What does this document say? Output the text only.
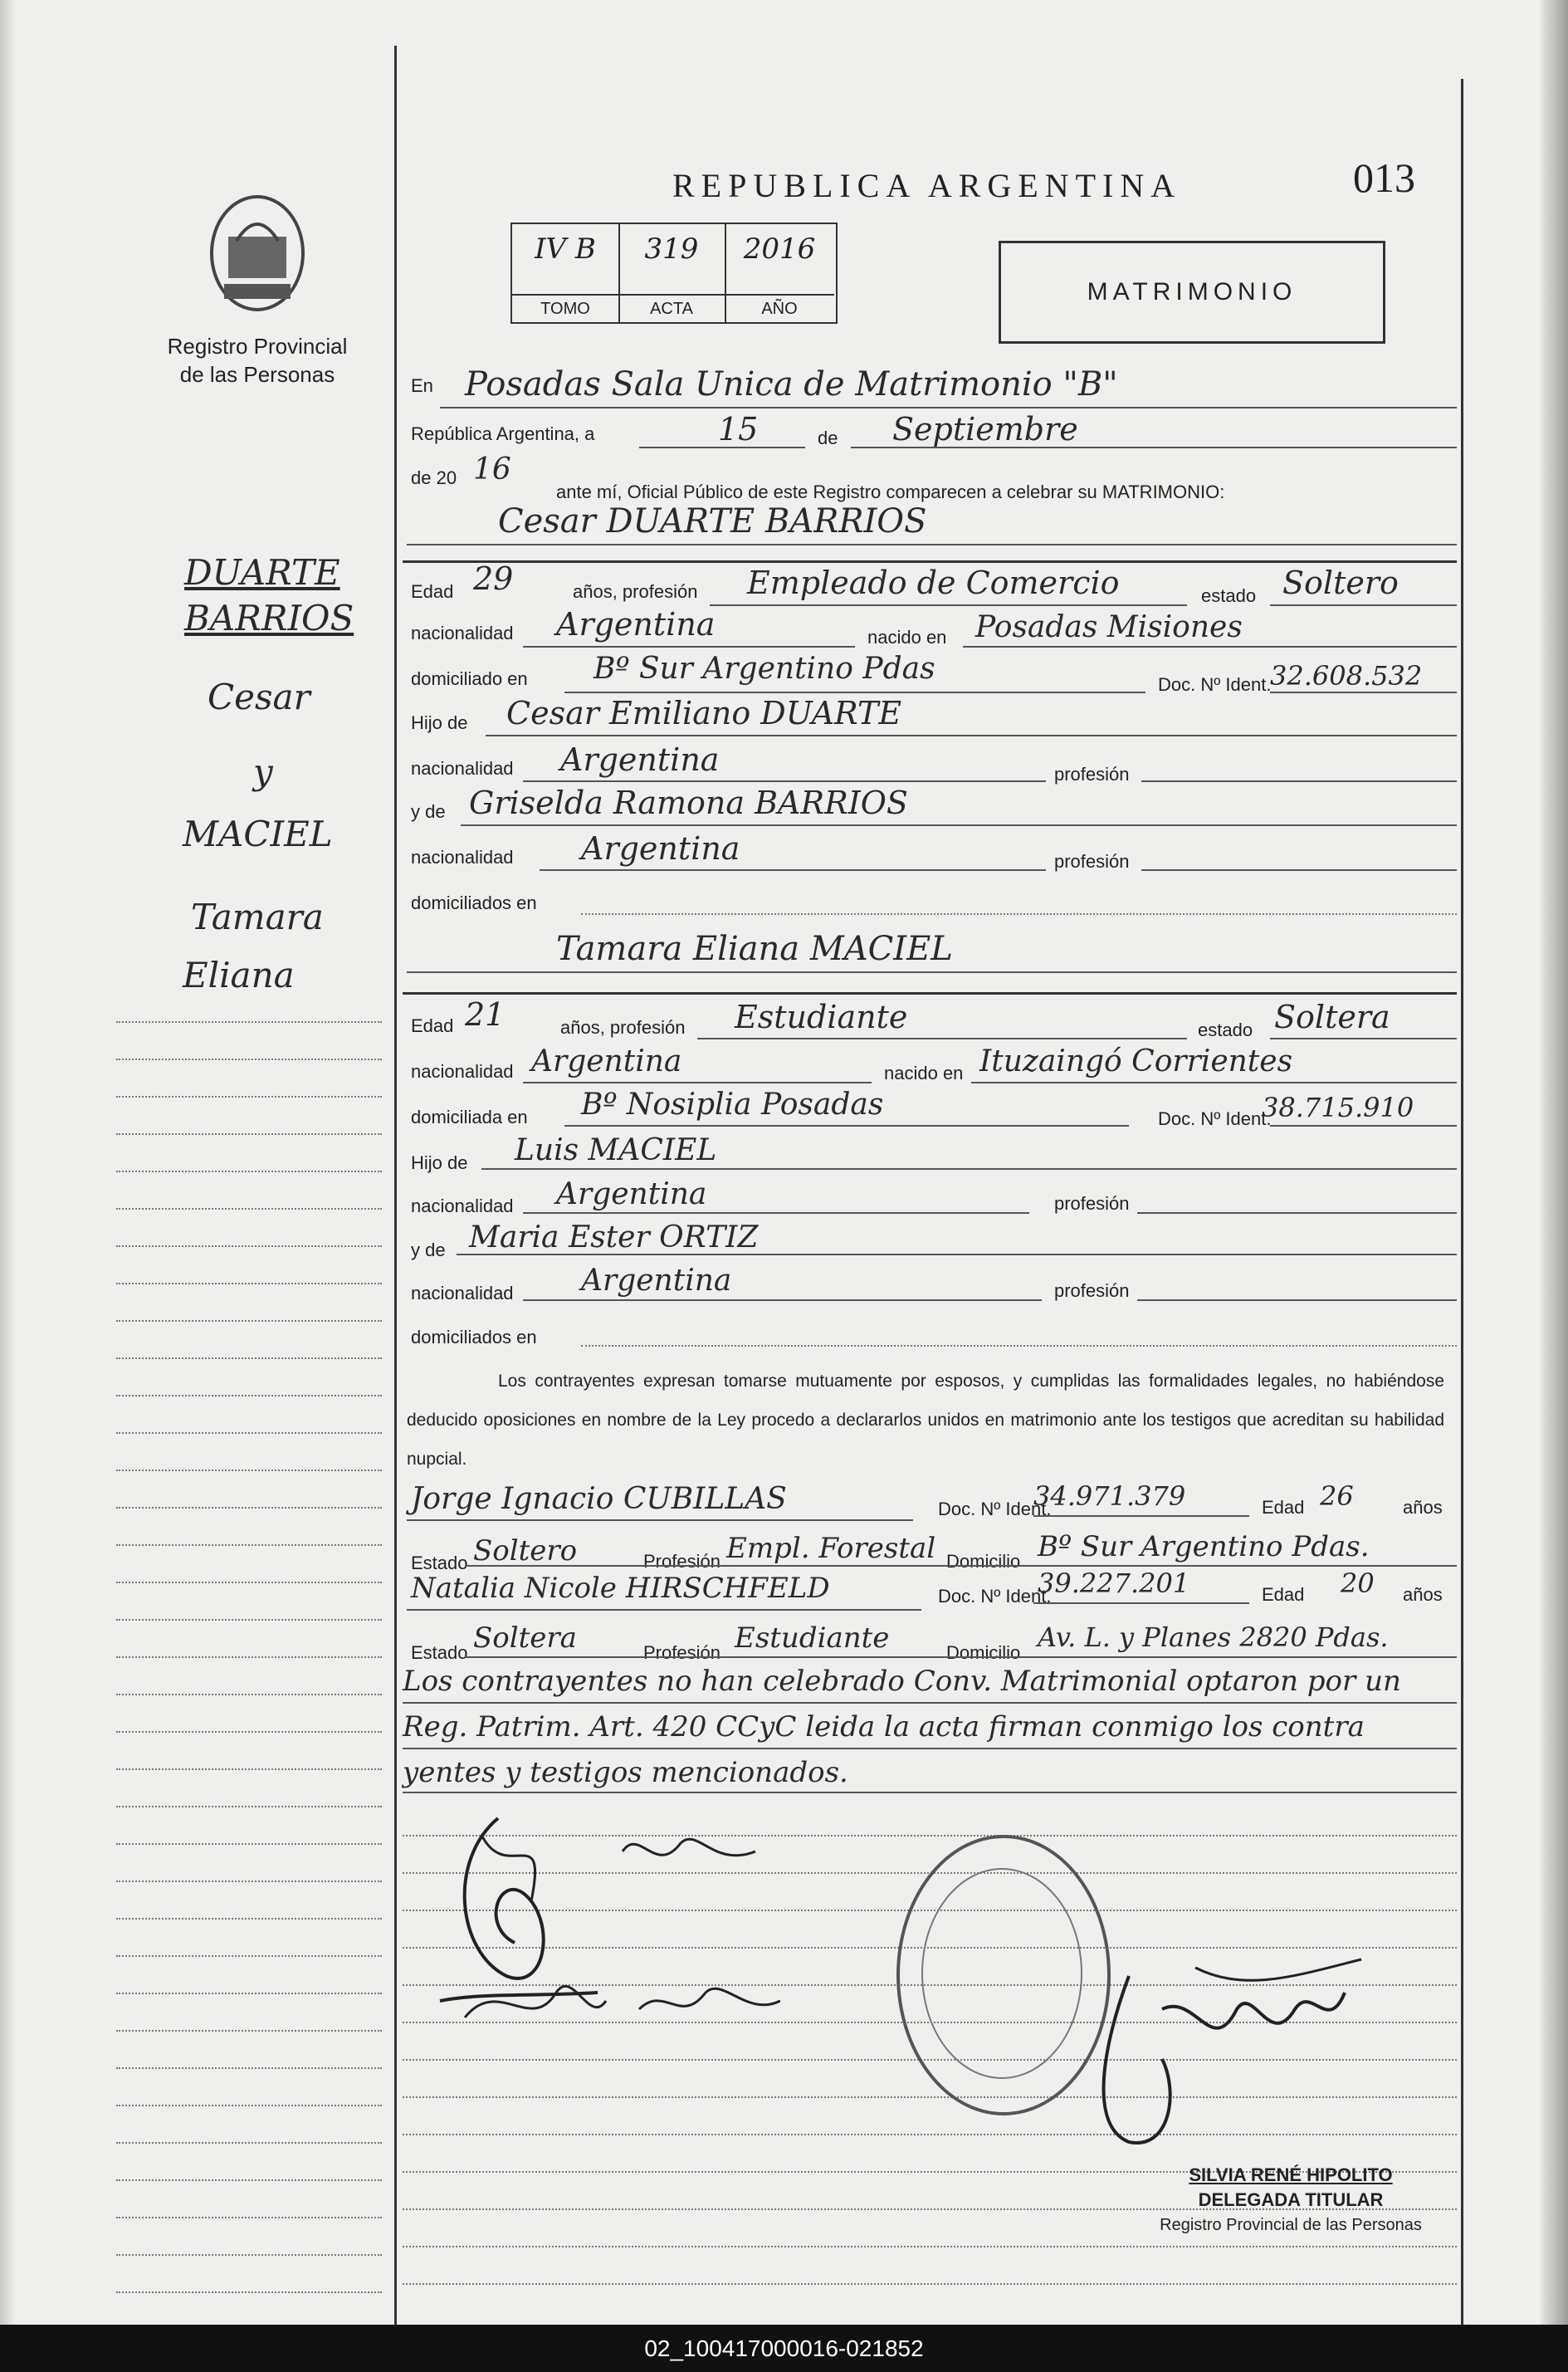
Registro Provincial
de las Personas
DUARTE
BARRIOS
Cesar
y
MACIEL
Tamara
Eliana
REPUBLICA ARGENTINA	013
IV B
TOMO
319
ACTA
2016
AÑO
MATRIMONIO
En Posadas Sala Unica de Matrimonio "B"
República Argentina, a	15	de Septiembre
de 20 16
ante mí, Oficial Público de este Registro comparecen a celebrar su MATRIMONIO:
Cesar DUARTE BARRIOS
Edad 29	años, profesión Empleado de Comercio	estado Soltero
nacionalidad Argentina	nacido en Posadas Misiones
domiciliado en Bº Sur Argentino Pdas	Doc. Nº Ident.
32.608.532
Hijo de Cesar Emiliano DUARTE
nacionalidad Argentina	profesión
y de Griselda Ramona BARRIOS
nacionalidad Argentina	profesión
domiciliados en
Tamara Eliana MACIEL
Edad 21	años, profesión Estudiante	estado Soltera
nacionalidad Argentina	nacido en Ituzaingó Corrientes
domiciliada en Bº Nosiplia Posadas	Doc. Nº Ident.
38.715.910
Hijo de Luis MACIEL
nacionalidad Argentina	profesión
y de Maria Ester ORTIZ
nacionalidad Argentina	profesión
domiciliados en
Los contrayentes expresan tomarse mutuamente por esposos, y cumplidas las formalidades legales, no habiéndose deducido oposiciones en nombre de la Ley procedo a declararlos unidos en matrimonio ante los testigos que acreditan su habilidad nupcial.
Jorge Ignacio CUBILLAS	Doc. Nº Ident.
34.971.379	Edad 26	años
Estado Soltero	Profesión Empl. Forestal Domicilio Bº Sur Argentino Pdas.
Natalia Nicole HIRSCHFELD	Doc. Nº Ident.
39.227.201	Edad 20 años
Estado Soltera	Profesión Estudiante	Domicilio Av. L. y Planes 2820 Pdas.
Los contrayentes no han celebrado Conv. Matrimonial optaron por un
Reg. Patrim. Art. 420 CCyC leida la acta firman conmigo los contra
yentes y testigos mencionados.
SILVIA RENÉ HIPOLITO
DELEGADA TITULAR
Registro Provincial de las Personas
02_100417000016-021852
